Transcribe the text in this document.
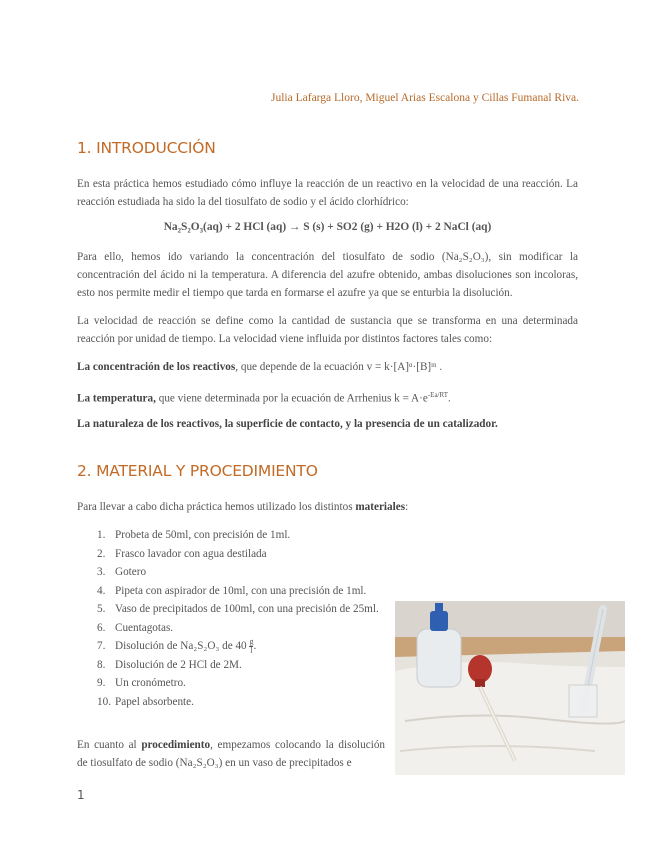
Julia Lafarga Lloro, Miguel Arias Escalona y Cillas Fumanal Riva.
1. INTRODUCCIÓN

En esta práctica hemos estudiado cómo influye la reacción de un reactivo en la velocidad de una reacción. La reacción estudiada ha sido la del tiosulfato de sodio y el ácido clorhídrico:

Na₂S₂O₃(aq) + 2 HCl (aq) → S (s) + SO2 (g) + H2O (l) + 2 NaCl (aq)

Para ello, hemos ido variando la concentración del tiosulfato de sodio (Na₂S₂O₃), sin modificar la concentración del ácido ni la temperatura. A diferencia del azufre obtenido, ambas disoluciones son incoloras, esto nos permite medir el tiempo que tarda en formarse el azufre ya que se enturbia la disolución.

La velocidad de reacción se define como la cantidad de sustancia que se transforma en una determinada reacción por unidad de tiempo. La velocidad viene influida por distintos factores tales como:

La concentración de los reactivos, que depende de la ecuación v = k·[A]ᵅ·[B]ᵐ .

La temperatura, que viene determinada por la ecuación de Arrhenius $k = A\cdot e^{-Ea/RT}$.

La naturaleza de los reactivos, la superficie de contacto, y la presencia de un catalizador.

2. MATERIAL Y PROCEDIMIENTO

Para llevar a cabo dicha práctica hemos utilizado los distintos materiales:

1. Probeta de 50ml, con precisión de 1ml.
2. Frasco lavador con agua destilada
3. Gotero
4. Pipeta con aspirador de 10ml, con una precisión de 1ml.
5. Vaso de precipitados de 100ml, con una precisión de 25ml.
6. Cuentagotas.
7. Disolución de Na₂S₂O₃ de $40 \frac{g}{l}$ .
8. Disolución de 2 HCl de 2M.
9. Un cronómetro.
10. Papel absorbente.

En cuanto al procedimiento, empezamos colocando la disolución de tiosulfato de sodio (Na₂S₂O₃) en un vaso de precipitados e

1
